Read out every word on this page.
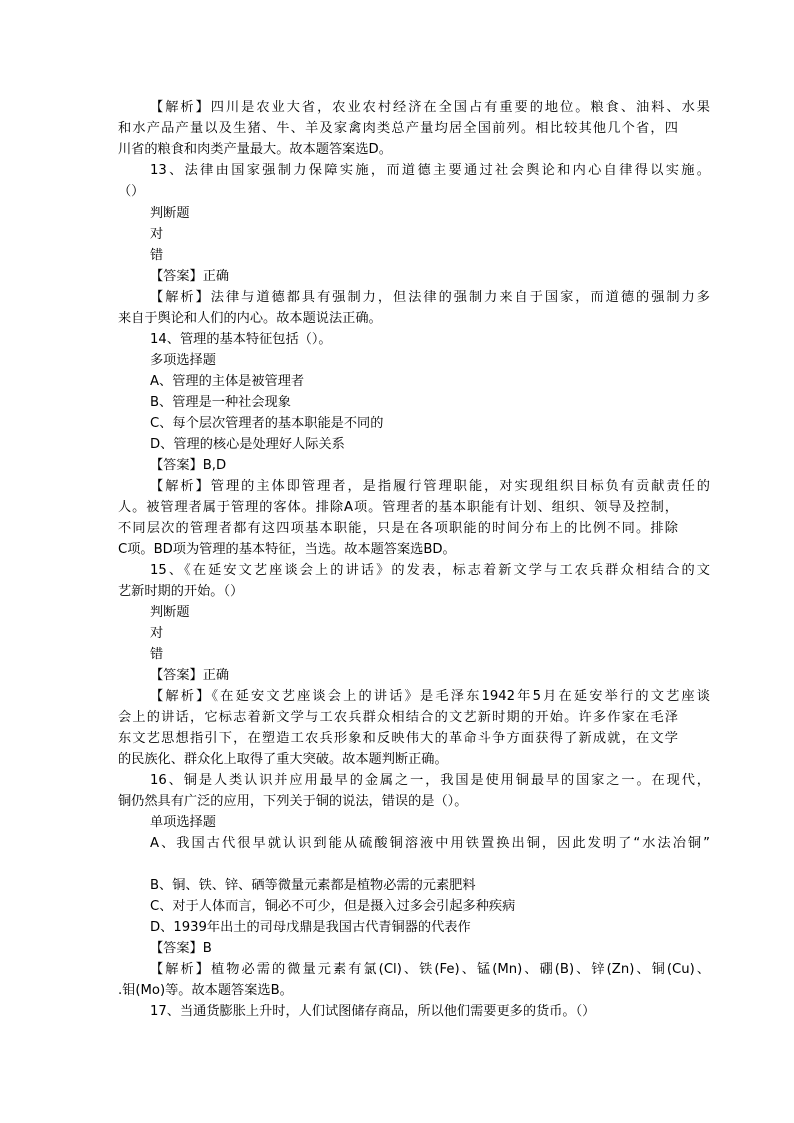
【解析】四川是农业大省，农业农村经济在全国占有重要的地位。粮食、油料、水果
和水产品产量以及生猪、牛、羊及家禽肉类总产量均居全国前列。相比较其他几个省，四
川省的粮食和肉类产量最大。故本题答案选D。
13、法律由国家强制力保障实施，而道德主要通过社会舆论和内心自律得以实施。
（）
判断题
对
错
【答案】正确
【解析】法律与道德都具有强制力，但法律的强制力来自于国家，而道德的强制力多
来自于舆论和人们的内心。故本题说法正确。
14、管理的基本特征包括（）。
多项选择题
A、管理的主体是被管理者
B、管理是一种社会现象
C、每个层次管理者的基本职能是不同的
D、管理的核心是处理好人际关系
【答案】B,D
【解析】管理的主体即管理者，是指履行管理职能，对实现组织目标负有贡献责任的
人。被管理者属于管理的客体。排除A项。管理者的基本职能有计划、组织、领导及控制，
不同层次的管理者都有这四项基本职能，只是在各项职能的时间分布上的比例不同。排除
C项。BD项为管理的基本特征，当选。故本题答案选BD。
15、《在延安文艺座谈会上的讲话》的发表，标志着新文学与工农兵群众相结合的文
艺新时期的开始。（）
判断题
对
错
【答案】正确
【解析】《在延安文艺座谈会上的讲话》是毛泽东1942年5月在延安举行的文艺座谈
会上的讲话，它标志着新文学与工农兵群众相结合的文艺新时期的开始。许多作家在毛泽
东文艺思想指引下，在塑造工农兵形象和反映伟大的革命斗争方面获得了新成就，在文学
的民族化、群众化上取得了重大突破。故本题判断正确。
16、铜是人类认识并应用最早的金属之一，我国是使用铜最早的国家之一。在现代，
铜仍然具有广泛的应用，下列关于铜的说法，错误的是（）。
单项选择题
A、我国古代很早就认识到能从硫酸铜溶液中用铁置换出铜，因此发明了“水法冶铜”
B、铜、铁、锌、硒等微量元素都是植物必需的元素肥料
C、对于人体而言，铜必不可少，但是摄入过多会引起多种疾病
D、1939年出土的司母戊鼎是我国古代青铜器的代表作
【答案】B
【解析】植物必需的微量元素有氯(Cl)、铁(Fe)、锰(Mn)、硼(B)、锌(Zn)、铜(Cu)、
.钼(Mo)等。故本题答案选B。
17、当通货膨胀上升时，人们试图储存商品，所以他们需要更多的货币。（）
